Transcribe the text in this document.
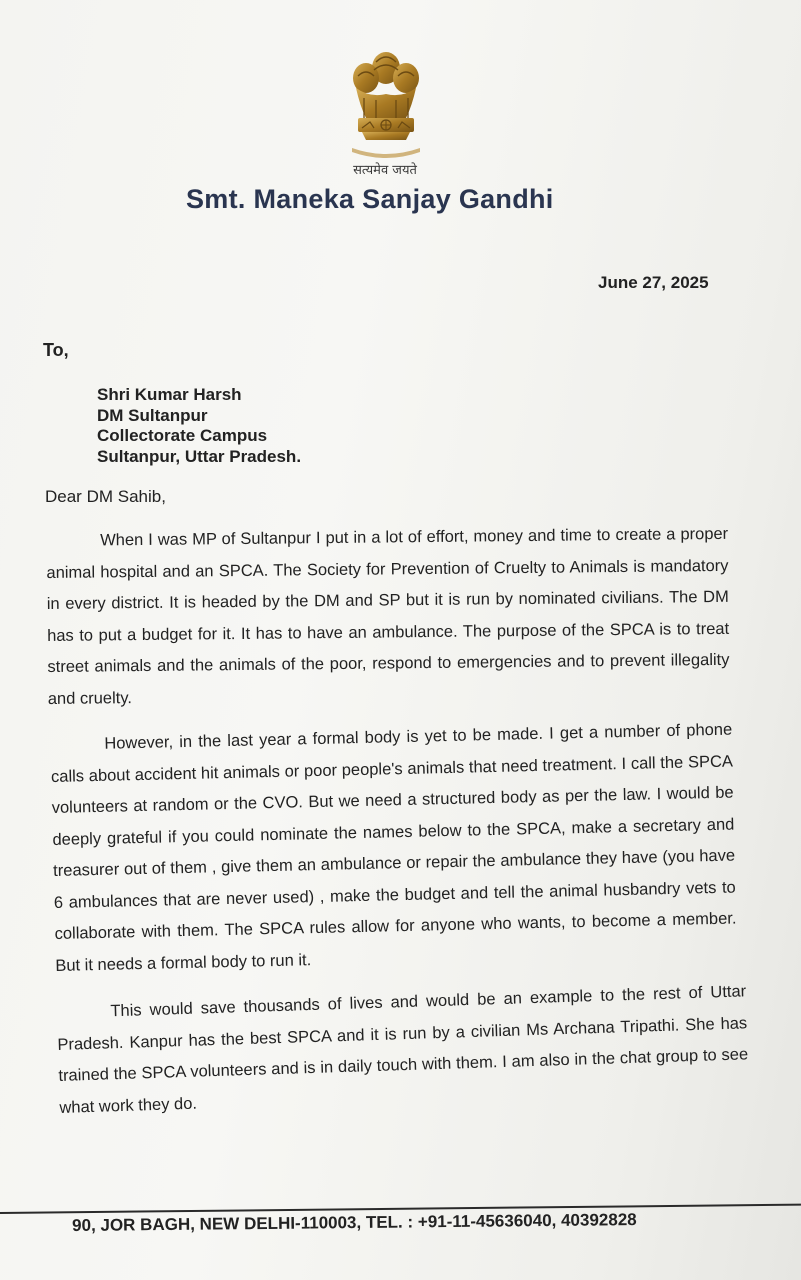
सत्यमेव जयते
Smt. Maneka Sanjay Gandhi
June 27, 2025
To,
Shri Kumar Harsh
DM Sultanpur
Collectorate Campus
Sultanpur, Uttar Pradesh.
Dear DM Sahib,
When I was MP of Sultanpur I put in a lot of effort, money and time to create a proper animal hospital and an SPCA. The Society for Prevention of Cruelty to Animals is mandatory in every district. It is headed by the DM and SP but it is run by nominated civilians. The DM has to put a budget for it. It has to have an ambulance. The purpose of the SPCA is to treat street animals and the animals of the poor, respond to emergencies and to prevent illegality and cruelty.
However, in the last year a formal body is yet to be made. I get a number of phone calls about accident hit animals or poor people's animals that need treatment. I call the SPCA volunteers at random or the CVO. But we need a structured body as per the law. I would be deeply grateful if you could nominate the names below to the SPCA, make a secretary and treasurer out of them , give them an ambulance or repair the ambulance they have (you have 6 ambulances that are never used) , make the budget and tell the animal husbandry vets to collaborate with them. The SPCA rules allow for anyone who wants, to become a member. But it needs a formal body to run it.
This would save thousands of lives and would be an example to the rest of Uttar Pradesh. Kanpur has the best SPCA and it is run by a civilian Ms Archana Tripathi. She has trained the SPCA volunteers and is in daily touch with them. I am also in the chat group to see what work they do.
90, JOR BAGH, NEW DELHI-110003, TEL. : +91-11-45636040, 40392828
